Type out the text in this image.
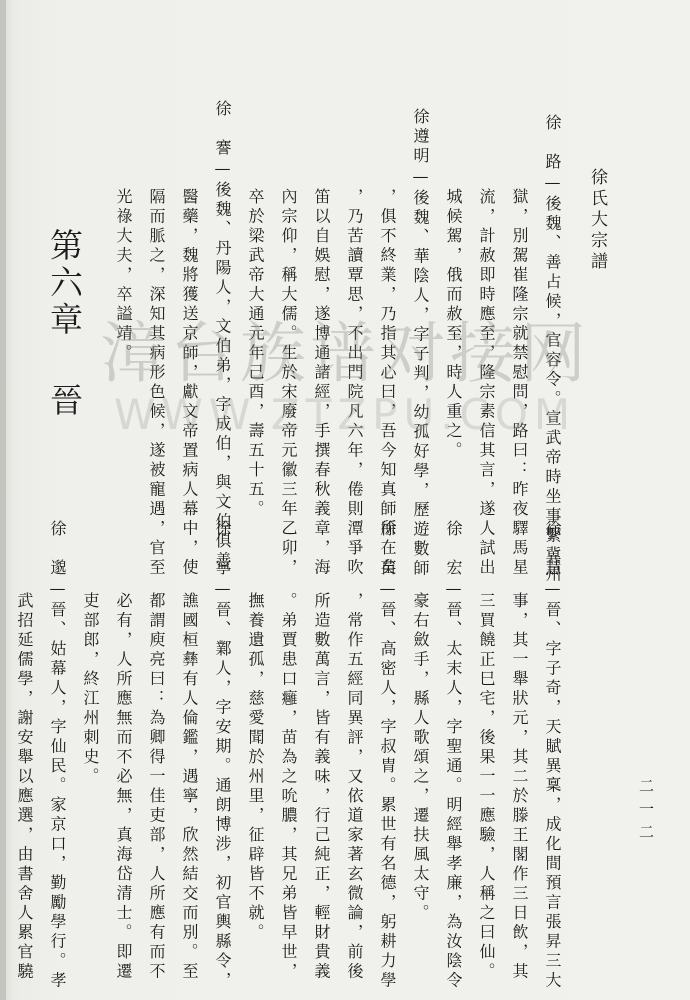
徐氏大宗譜
二一二
第六章晉	徐　路—後魏、善占候，官容令。宣武帝時坐事繫冀州
獄，別駕崔隆宗就禁慰問，路曰：昨夜驛馬星
流，計赦即時應至，隆宗素信其言，遂人試出
城候駕，俄而赦至，時人重之。
徐遵明—後魏、華陰人，字子判，幼孤好學，歷遊數師
，俱不終業，乃指其心曰，吾今知真師所在矣
，乃苦讀覃思，不出門院凡六年，倦則潭爭吹
笛以自娛慰，遂博通諸經，手撰春秋義章，海
內宗仰，稱大儒。生於宋廢帝元徽三年乙卯，
卒於梁武帝大通元年己酉，壽五十五。
徐　謇—後魏、丹陽人，文伯弟，字成伯，與文伯俱善
醫藥，魏將獲送京師，獻文帝置病人幕中，使
隔而脈之，深知其病形色候，遂被寵遇，官至
光祿大夫，卒謚靖。
徐　慧—晉、字子奇，天賦異稟，成化間預言張昇三大
事，其一舉狀元，其二於滕王閣作三日飲，其
三買饒正巳宅，後果一一應驗，人稱之曰仙。
徐　宏—晉、太末人，字聖通。明經舉孝廉，為汝陰令
豪右斂手，縣人歌頌之，遷扶風太守。
徐　苗—晉、高密人，字叔胄。累世有名德，躬耕力學
，常作五經同異評，又依道家著玄微論，前後
所造數萬言，皆有義味，行己純正，輕財貴義
。弟賈患口癰，苗為之吮膿，其兄弟皆早世，
撫養遺孤，慈愛聞於州里，征辟皆不就。
徐　寧—晉、鄴人，字安期。通朗博涉，初官輿縣令，
譙國桓彝有人倫鑑，遇寧，欣然結交而別。至
都謂庾亮曰：為卿得一佳吏部，人所應有而不
必有，人所應無而不必無，真海岱清士。即遷
吏部郎，終江州刺史。
徐　邈—晉、姑幕人，字仙民。家京口，勤勵學行。孝
武招延儒學，謝安舉以應選，由書舍人累官驍
漳台族谱对接网
WWW.ZTZPU.COM
